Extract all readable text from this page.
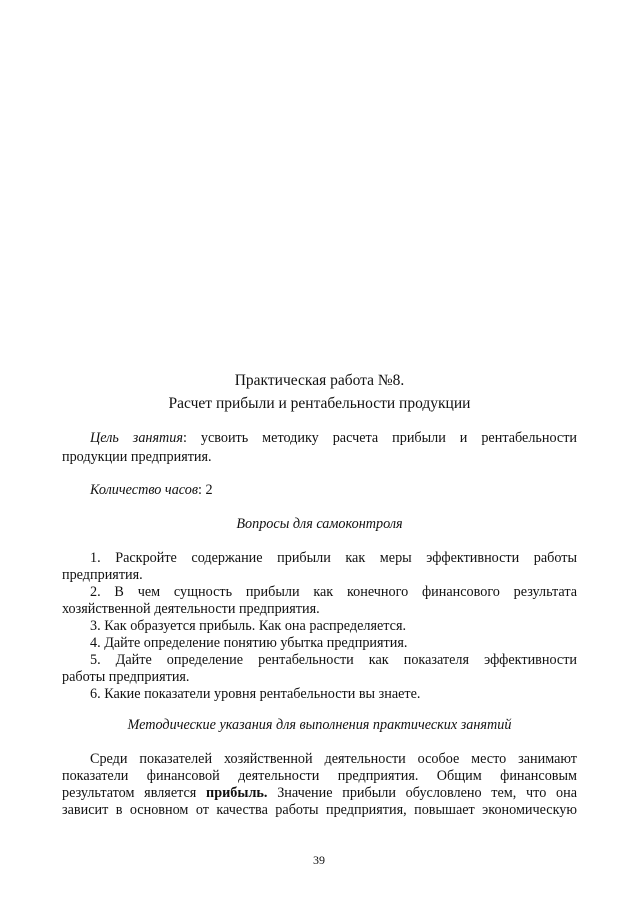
Практическая работа №8.
Расчет прибыли и рентабельности продукции
Цель занятия: усвоить методику расчета прибыли и рентабельности
продукции предприятия.
Количество часов: 2
Вопросы для самоконтроля
1. Раскройте содержание прибыли как меры эффективности работы
предприятия.
2. В чем сущность прибыли как конечного финансового результата
хозяйственной деятельности предприятия.
3. Как образуется прибыль. Как она распределяется.
4. Дайте определение понятию убытка предприятия.
5. Дайте определение рентабельности как показателя эффективности
работы предприятия.
6. Какие показатели уровня рентабельности вы знаете.
Методические указания для выполнения практических занятий
Среди показателей хозяйственной деятельности особое место занимают
показатели финансовой деятельности предприятия. Общим финансовым
результатом является прибыль. Значение прибыли обусловлено тем, что она
зависит в основном от качества работы предприятия, повышает экономическую
39
